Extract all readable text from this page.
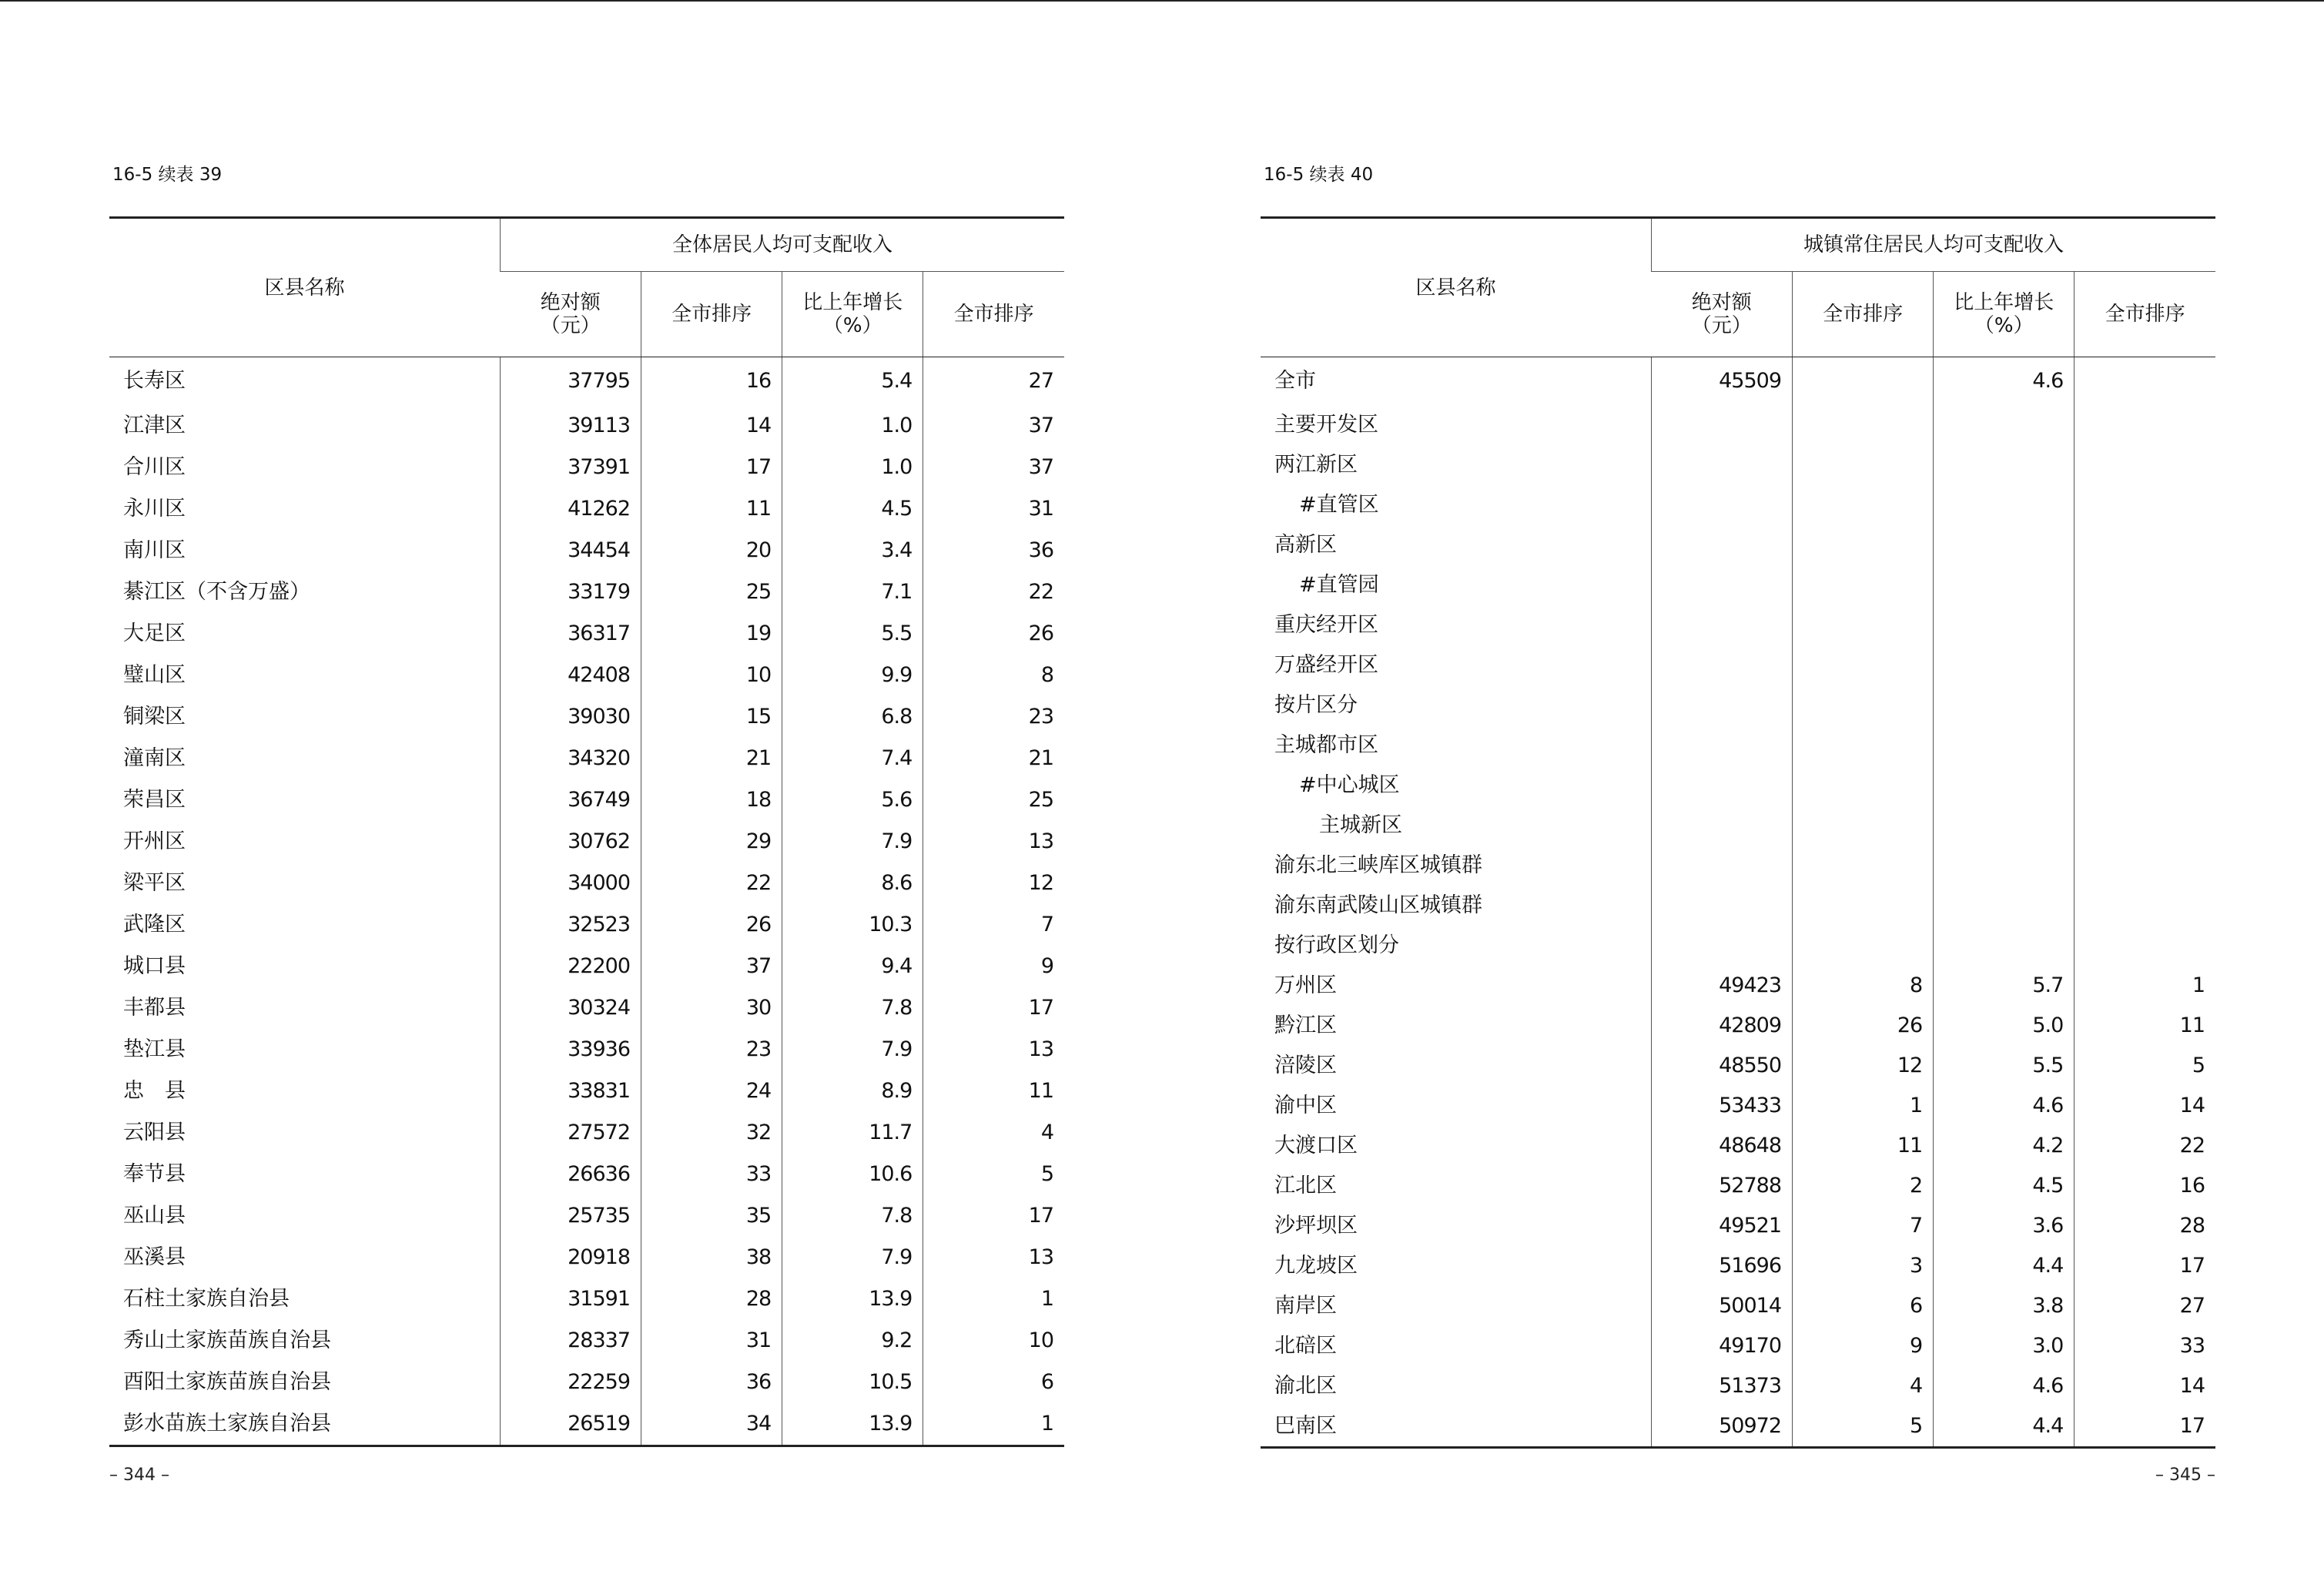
16-5 续表 39
区县名称	全体居民人均可支配收入			
	绝对额
（元）	全市排序	比上年增长
（%）	全市排序
长寿区	37795	16	5.4	27
江津区	39113	14	1.0	37
合川区	37391	17	1.0	37
永川区	41262	11	4.5	31
南川区	34454	20	3.4	36
綦江区（不含万盛）	33179	25	7.1	22
大足区	36317	19	5.5	26
璧山区	42408	10	9.9	8
铜梁区	39030	15	6.8	23
潼南区	34320	21	7.4	21
荣昌区	36749	18	5.6	25
开州区	30762	29	7.9	13
梁平区	34000	22	8.6	12
武隆区	32523	26	10.3	7
城口县	22200	37	9.4	9
丰都县	30324	30	7.8	17
垫江县	33936	23	7.9	13
忠　县	33831	24	8.9	11
云阳县	27572	32	11.7	4
奉节县	26636	33	10.6	5
巫山县	25735	35	7.8	17
巫溪县	20918	38	7.9	13
石柱土家族自治县	31591	28	13.9	1
秀山土家族苗族自治县	28337	31	9.2	10
酉阳土家族苗族自治县	22259	36	10.5	6
彭水苗族土家族自治县	26519	34	13.9	1
– 344 –
16-5 续表 40
区县名称	城镇常住居民人均可支配收入			
	绝对额
（元）	全市排序	比上年增长
（%）	全市排序
全市	45509		4.6	
主要开发区				
两江新区				
#直管区				
高新区				
#直管园				
重庆经开区				
万盛经开区				
按片区分				
主城都市区				
#中心城区				
主城新区				
渝东北三峡库区城镇群				
渝东南武陵山区城镇群				
按行政区划分				
万州区	49423	8	5.7	1
黔江区	42809	26	5.0	11
涪陵区	48550	12	5.5	5
渝中区	53433	1	4.6	14
大渡口区	48648	11	4.2	22
江北区	52788	2	4.5	16
沙坪坝区	49521	7	3.6	28
九龙坡区	51696	3	4.4	17
南岸区	50014	6	3.8	27
北碚区	49170	9	3.0	33
渝北区	51373	4	4.6	14
巴南区	50972	5	4.4	17
– 345 –
